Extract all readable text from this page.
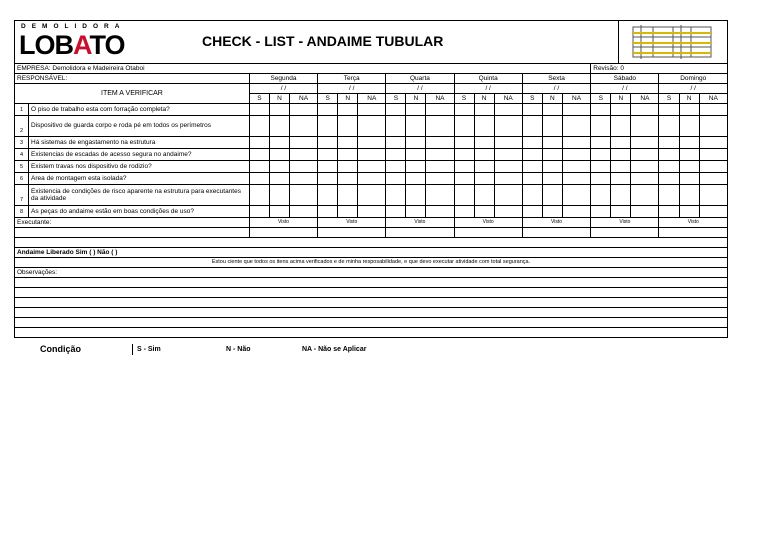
DEMOLIDORA
LOBATO	CHECK - LIST - ANDAIME TUBULAR
EMPRESA: Demolidora e Madeireira Otaboi																	Revisão: 0					
RESPONSÁVEL:		Segunda			Terça			Quarta			Quinta			Sexta			Sábado			Domingo		
ITEM A VERIFICAR		/ /			/ /			/ /			/ /			/ /			/ /			/ /		
		S	N	NA	S	N	NA	S	N	NA	S	N	NA	S	N	NA	S	N	NA	S	N	NA
1	O piso de trabalho esta com forração completa?																					
2	Dispositivo de guarda corpo e roda pé em todos os perímetros																					
3	Há sistemas de engastamento na estrutura																					
4	Existencias de escadas de acesso segura no andaime?																					
5	Existem travas nos dispositivo de rodizio?																					
6	Area de montagem esta isolada?																					
7	Existencia de condições de risco aparente na estrutura para executantes da atividade																					
8	As peças do andaime estão em boas condições de uso?																					
Executante:		Visto			Visto			Visto			Visto			Visto			Visto			Visto		

Andaime Liberado Sim ( ) Não ( )																						
Estou ciente que todos os itens acima verificados e de minha resposabilidade, e que devo executar atividade com total segurança.																						
Observações:																						

Condição	S - Sim	N - Não	NA - Não se Aplicar
